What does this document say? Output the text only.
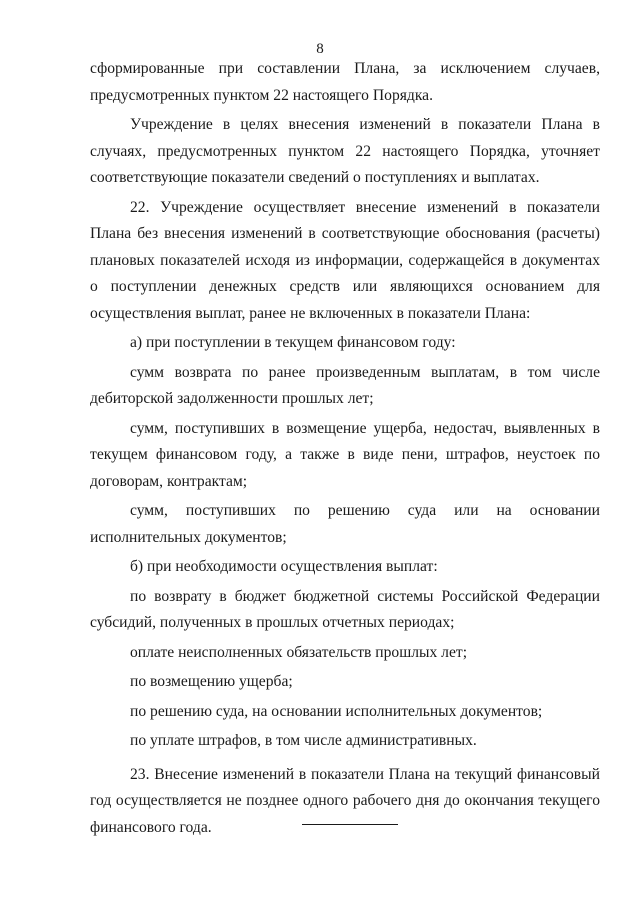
8

сформированные при составлении Плана, за исключением случаев, предусмотренных пунктом 22 настоящего Порядка.

Учреждение в целях внесения изменений в показатели Плана в случаях, предусмотренных пунктом 22 настоящего Порядка, уточняет соответствующие показатели сведений о поступлениях и выплатах.

22. Учреждение осуществляет внесение изменений в показатели Плана без внесения изменений в соответствующие обоснования (расчеты) плановых показателей исходя из информации, содержащейся в документах о поступлении денежных средств или являющихся основанием для осуществления выплат, ранее не включенных в показатели Плана:

а) при поступлении в текущем финансовом году:

сумм возврата по ранее произведенным выплатам, в том числе дебиторской задолженности прошлых лет;

сумм, поступивших в возмещение ущерба, недостач, выявленных в текущем финансовом году, а также в виде пени, штрафов, неустоек по договорам, контрактам;

сумм, поступивших по решению суда или на основании исполнительных документов;

б) при необходимости осуществления выплат:

по возврату в бюджет бюджетной системы Российской Федерации субсидий, полученных в прошлых отчетных периодах;

оплате неисполненных обязательств прошлых лет;

по возмещению ущерба;

по решению суда, на основании исполнительных документов;

по уплате штрафов, в том числе административных.

23. Внесение изменений в показатели Плана на текущий финансовый год осуществляется не позднее одного рабочего дня до окончания текущего финансового года.
